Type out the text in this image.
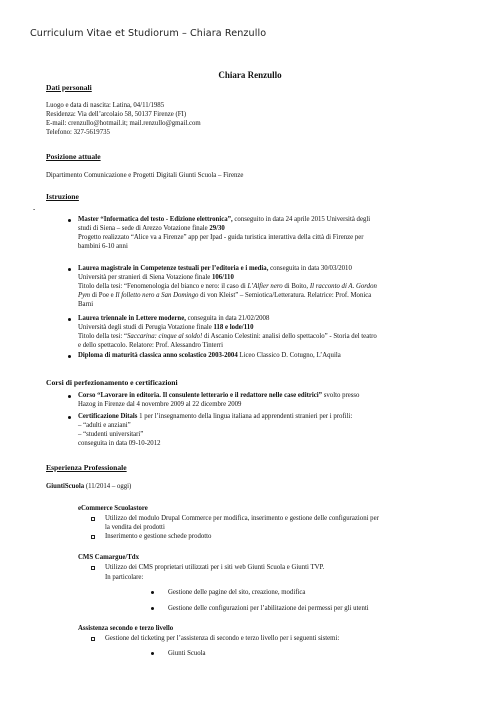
Curriculum Vitae et Studiorum – Chiara Renzullo
Chiara Renzullo
Dati personali
Luogo e data di nascita: Latina, 04/11/1985
Residenza: Via dell’arcolaio 58, 50137 Firenze (FI)
E-mail: crenzullo@hotmail.it; mail.renzullo@gmail.com
Telefono: 327-5619735
Posizione attuale
Dipartimento Comunicazione e Progetti Digitali Giunti Scuola – Firenze
Istruzione
-
Master “Informatica del testo - Edizione elettronica”, conseguito in data 24 aprile 2015 Università degli
studi di Siena – sede di Arezzo Votazione finale 29/30
Progetto realizzato “Alice va a Firenze” app per Ipad - guida turistica interattiva della città di Firenze per
bambini 6-10 anni
Laurea magistrale in Competenze testuali per l’editoria e i media, conseguita in data 30/03/2010
Università per stranieri di Siena Votazione finale 106/110
Titolo della tesi: “Fenomenologia del bianco e nero: il caso di L’Alfier nero di Boito, Il racconto di A. Gordon
Pym di Poe e Il folletto nero a San Domingo di von Kleist” – Semiotica/Letteratura. Relatrice: Prof. Monica
Barni
Laurea triennale in Lettere moderne, conseguita in data 21/02/2008
Università degli studi di Perugia Votazione finale 118 e lode/110
Titolo della tesi: “Saccarina: cinque al soldo! di Ascanio Celestini: analisi dello spettacolo” - Storia del teatro
e dello spettacolo. Relatore: Prof. Alessandro Tinterri
Diploma di maturità classica anno scolastico 2003-2004 Liceo Classico D. Cotugno, L’Aquila
Corsi di perfezionamento e certificazioni
Corso “Lavorare in editoria. Il consulente letterario e il redattore nelle case editrici” svolto presso
Hazog in Firenze dal 4 novembre 2009 al 22 dicembre 2009
Certificazione Ditals 1 per l’insegnamento della lingua italiana ad apprendenti stranieri per i profili:
– “adulti e anziani”
– “studenti universitari”
conseguita in data 09-10-2012
Esperienza Professionale
GiuntiScuola (11/2014 – oggi)
eCommerce Scuolastore
Utilizzo del modulo Drupal Commerce per modifica, inserimento e gestione delle configurazioni per
la vendita dei prodotti
Inserimento e gestione schede prodotto
CMS Camargue/Tdx
Utilizzo dei CMS proprietari utilizzati per i siti web Giunti Scuola e Giunti TVP.
In particolare:
Gestione delle pagine del sito, creazione, modifica
Gestione delle configurazioni per l’abilitazione dei permessi per gli utenti
Assistenza secondo e terzo livello
Gestione del ticketing per l’assistenza di secondo e terzo livello per i seguenti sistemi:
Giunti Scuola
